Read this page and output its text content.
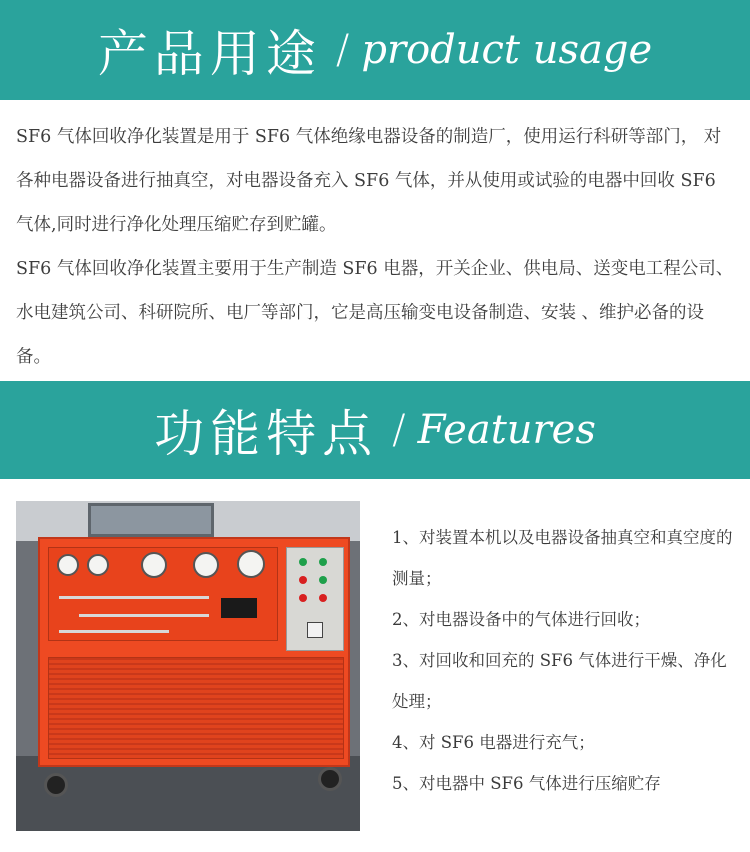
产品用途 / product usage

SF6 气体回收净化装置是用于 SF6 气体绝缘电器设备的制造厂，使用运行科研等部门， 对各种电器设备进行抽真空，对电器设备充入 SF6 气体，并从使用或试验的电器中回收 SF6 气体,同时进行净化处理压缩贮存到贮罐。

SF6 气体回收净化装置主要用于生产制造 SF6 电器，开关企业、供电局、送变电工程公司、水电建筑公司、科研院所、电厂等部门，它是高压输变电设备制造、安装 、维护必备的设备。

功能特点 / Features

1、对装置本机以及电器设备抽真空和真空度的测量；

2、对电器设备中的气体进行回收；

3、对回收和回充的 SF6 气体进行干燥、净化处理；

4、对 SF6 电器进行充气；

5、对电器中 SF6 气体进行压缩贮存
